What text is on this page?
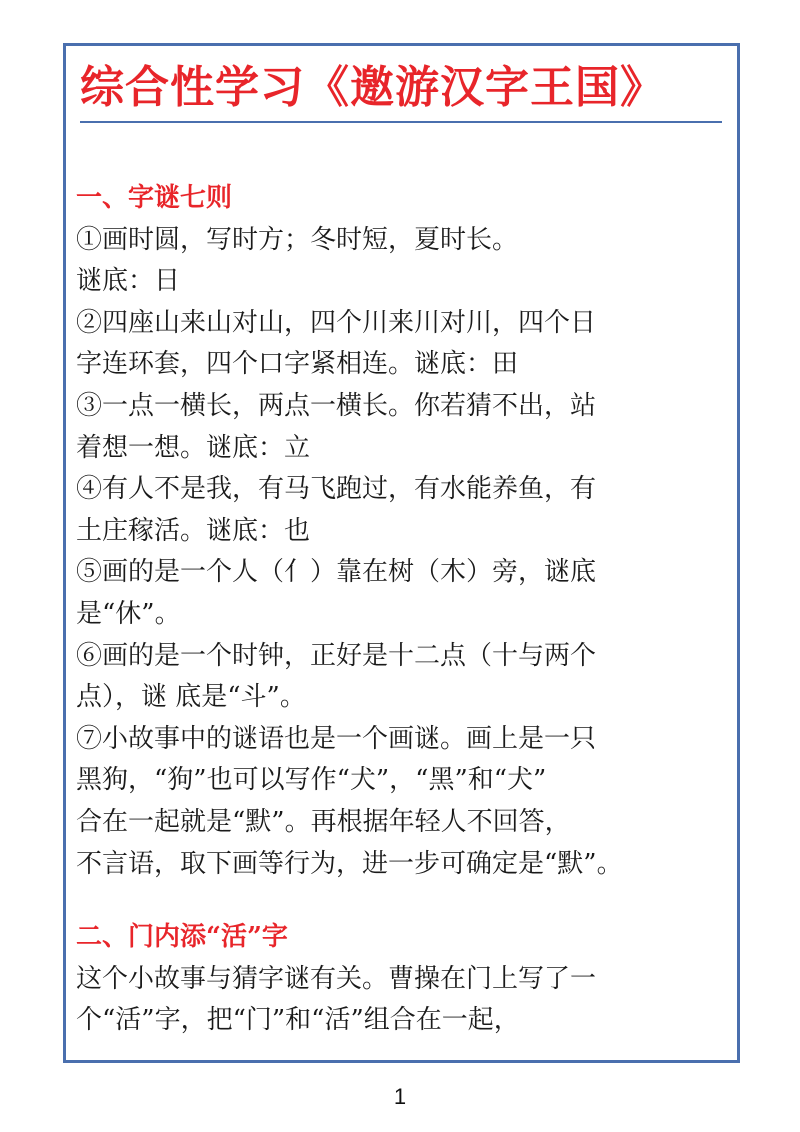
综合性学习《邀游汉字王国》
一、字谜七则
①画时圆，写时方；冬时短，夏时长。
谜底：日
②四座山来山对山，四个川来川对川，四个日
字连环套，四个口字紧相连。谜底：田
③一点一横长，两点一横长。你若猜不出，站
着想一想。谜底：立
④有人不是我，有马飞跑过，有水能养鱼，有
土庄稼活。谜底：也
⑤画的是一个人（亻）靠在树（木）旁，谜底
是“休”。
⑥画的是一个时钟，正好是十二点（十与两个
点），谜 底是“斗”。
⑦小故事中的谜语也是一个画谜。画上是一只
黑狗，“狗”也可以写作“犬”，“黑”和“犬”
合在一起就是“默”。再根据年轻人不回答，
不言语，取下画等行为，进一步可确定是“默”。
二、门内添“活”字
这个小故事与猜字谜有关。曹操在门上写了一
个“活”字，把“门”和“活”组合在一起，
1
